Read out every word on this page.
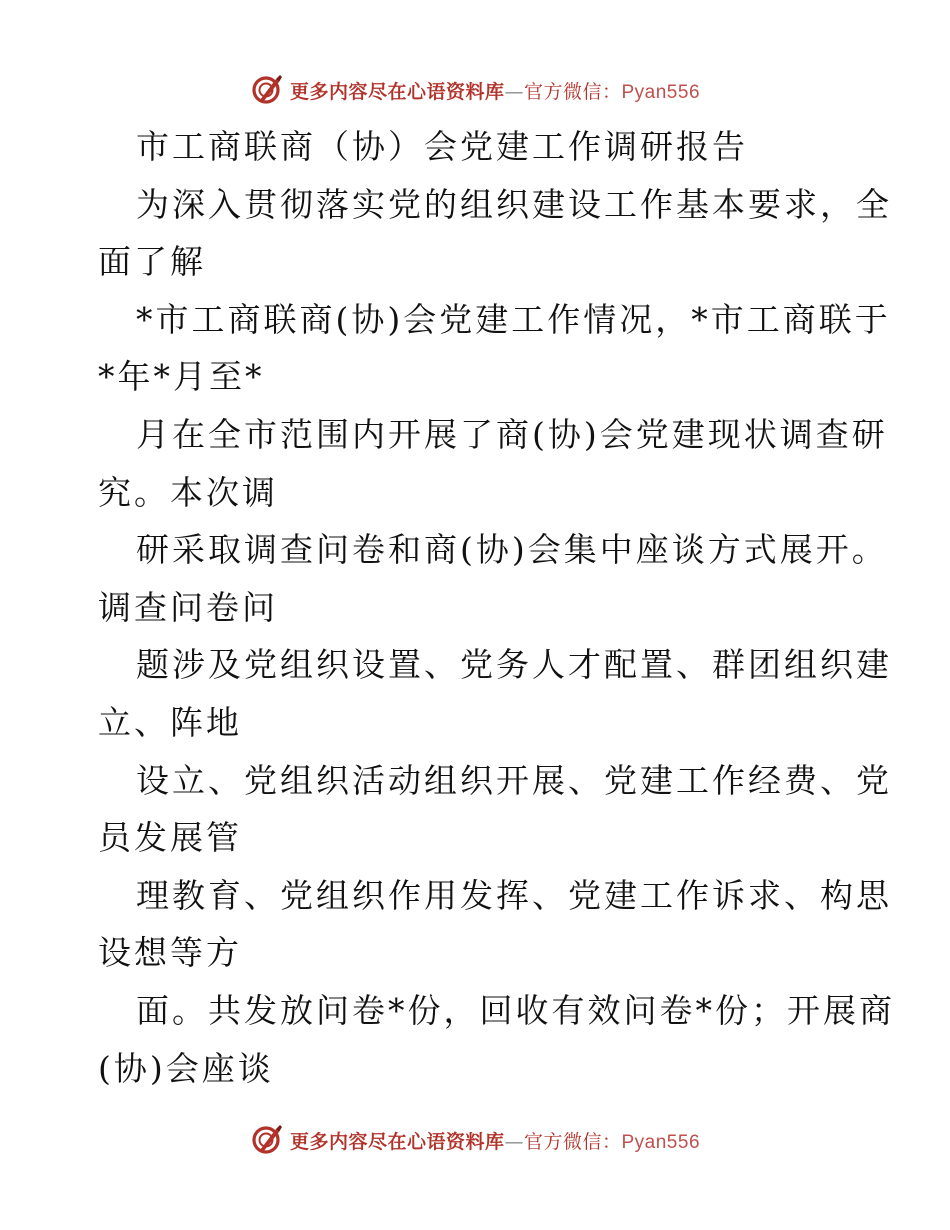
更多内容尽在心语资料库—官方微信：Pyan556
市工商联商（协）会党建工作调研报告
为深入贯彻落实党的组织建设工作基本要求，全
面了解
*市工商联商(协)会党建工作情况，*市工商联于
*年*月至*
月在全市范围内开展了商(协)会党建现状调查研
究。本次调
研采取调查问卷和商(协)会集中座谈方式展开。
调查问卷问
题涉及党组织设置、党务人才配置、群团组织建
立、阵地
设立、党组织活动组织开展、党建工作经费、党
员发展管
理教育、党组织作用发挥、党建工作诉求、构思
设想等方
面。共发放问卷*份，回收有效问卷*份；开展商
(协)会座谈
更多内容尽在心语资料库—官方微信：Pyan556
